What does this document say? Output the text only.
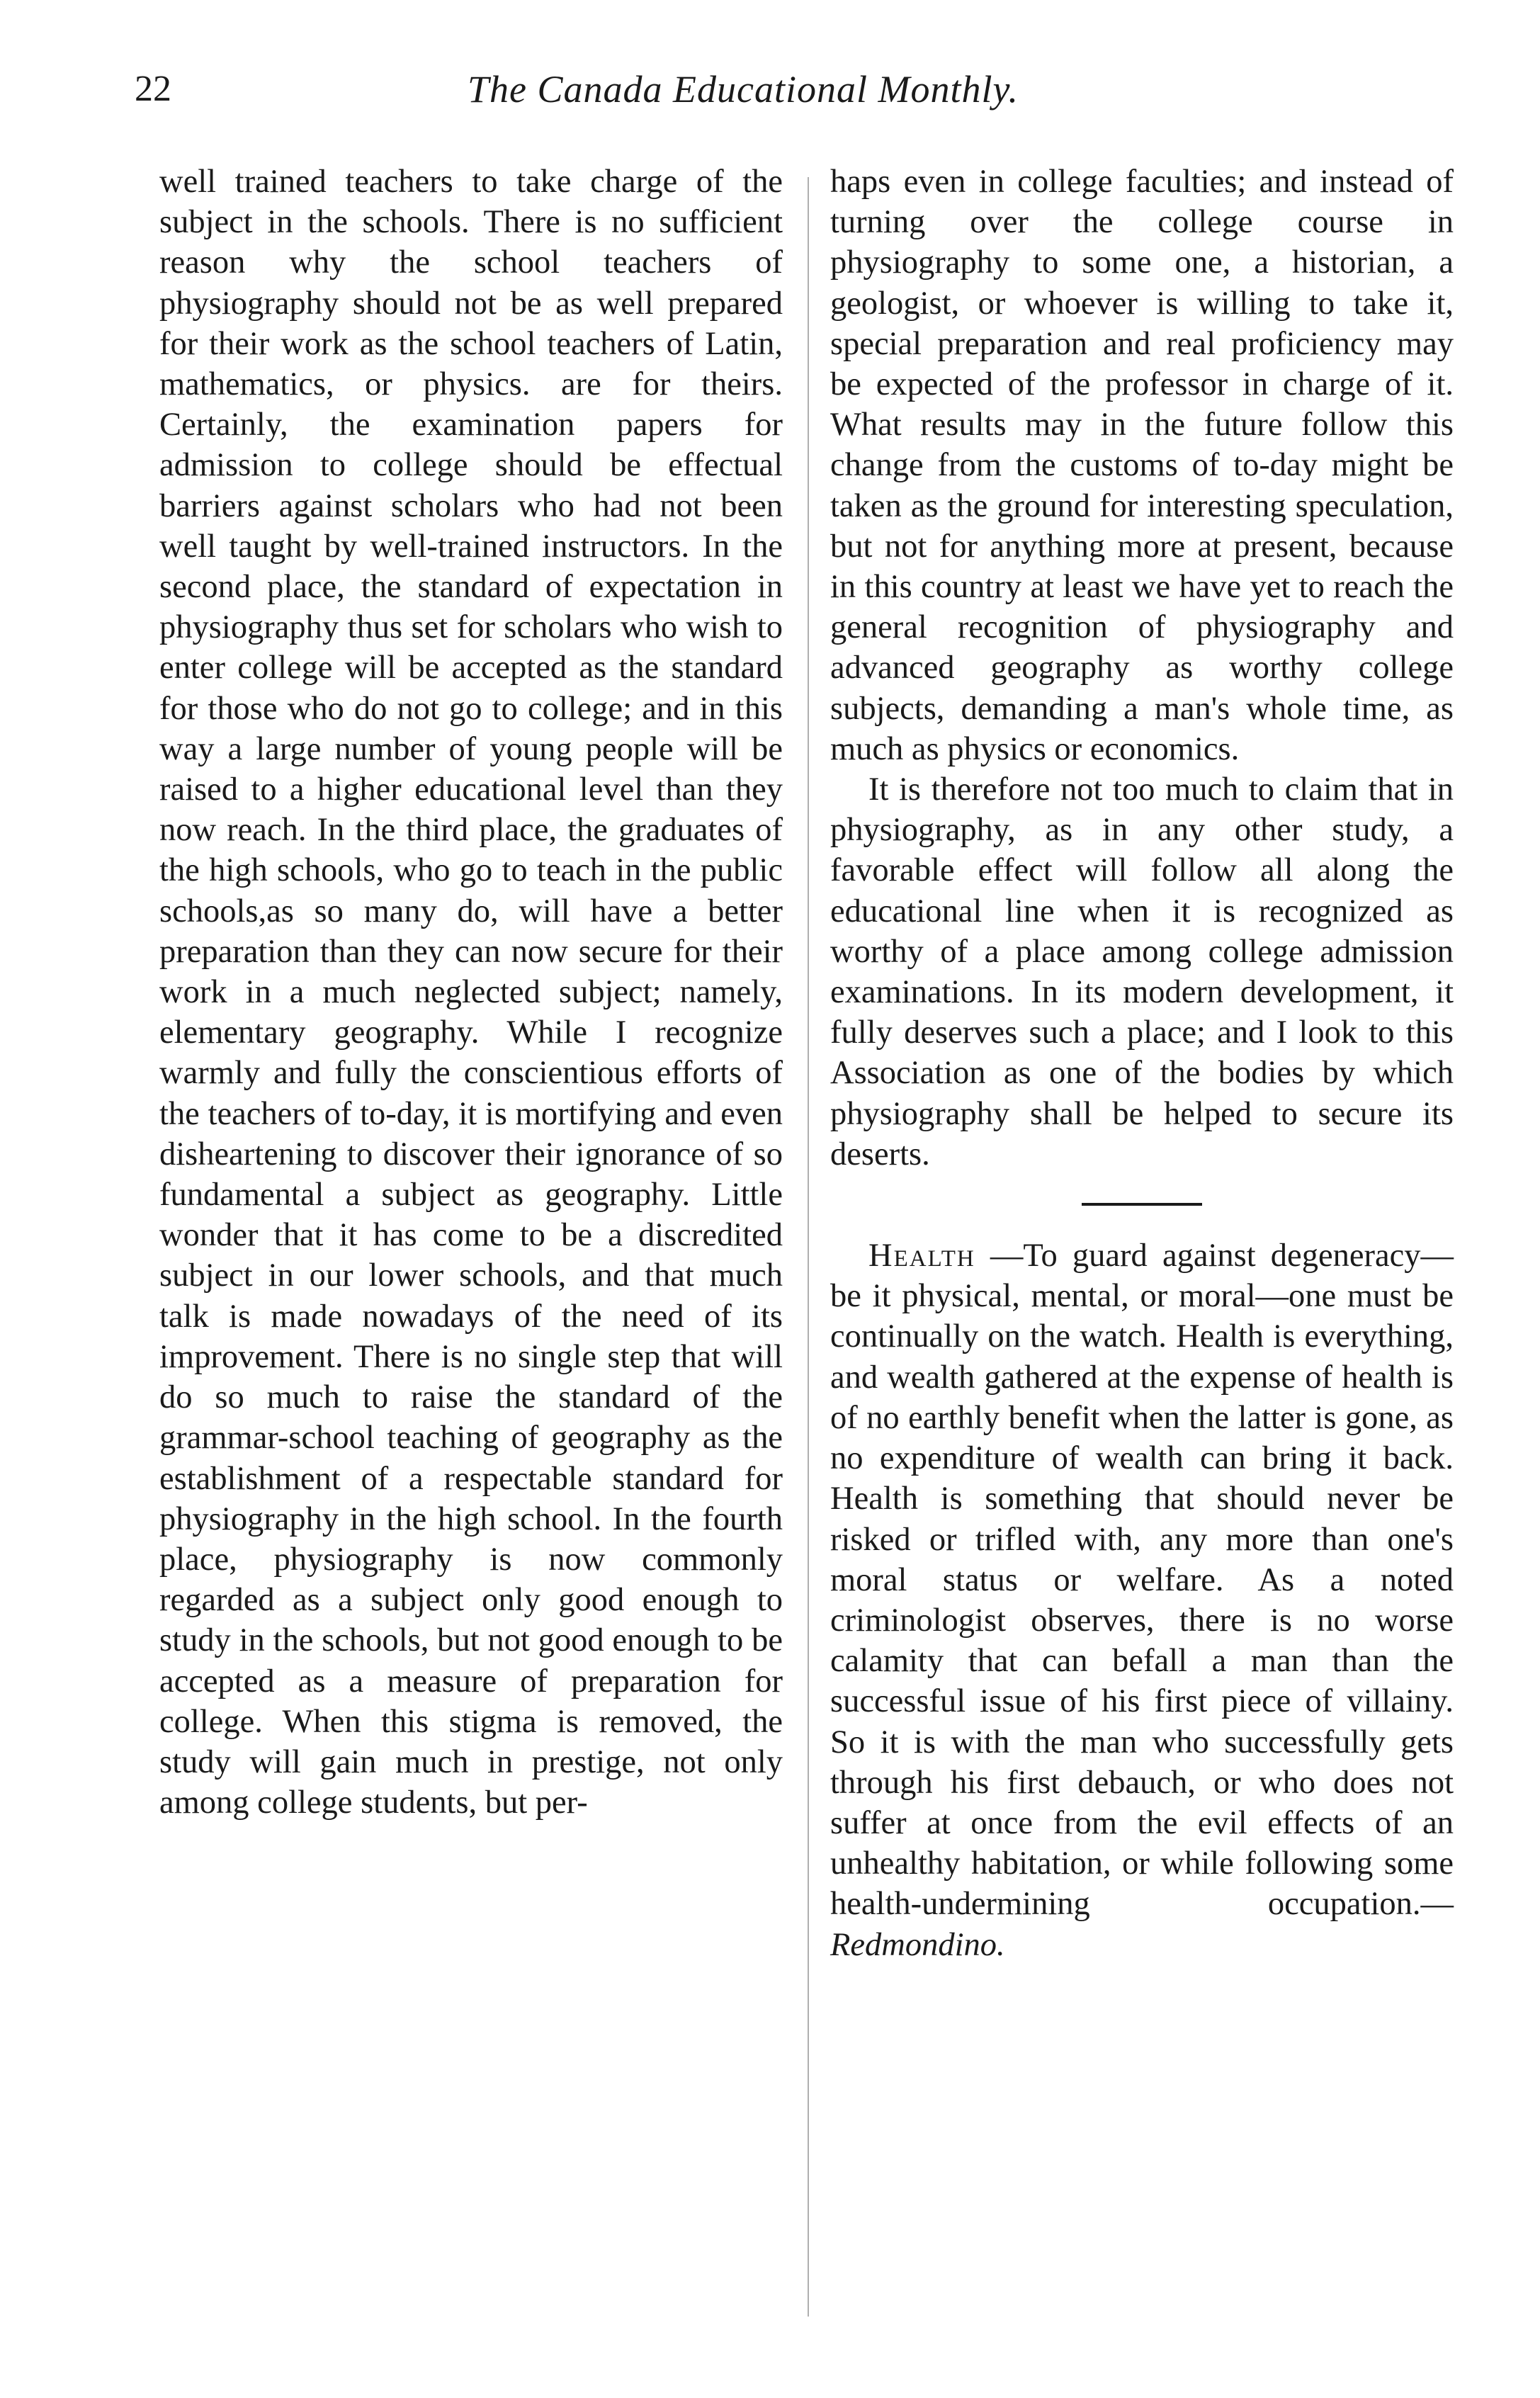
22	The Canada Educational Monthly.

well trained teachers to take charge of the subject in the schools. There is no sufficient reason why the school teachers of physiography should not be as well prepared for their work as the school teachers of Latin, mathematics, or physics. are for theirs. Certainly, the examination papers for admission to college should be effectual barriers against scholars who had not been well taught by well-trained instructors. In the second place, the standard of expectation in physiography thus set for scholars who wish to enter college will be accepted as the standard for those who do not go to college; and in this way a large number of young people will be raised to a higher educational level than they now reach. In the third place, the graduates of the high schools, who go to teach in the public schools,as so many do, will have a better preparation than they can now secure for their work in a much neglected subject; namely, elementary geography. While I recognize warmly and fully the conscientious efforts of the teachers of to-day, it is mortifying and even disheartening to discover their ignorance of so fundamental a subject as geography. Little wonder that it has come to be a discredited subject in our lower schools, and that much talk is made nowadays of the need of its improvement. There is no single step that will do so much to raise the standard of the grammar-school teaching of geography as the establishment of a respectable standard for physiography in the high school. In the fourth place, physiography is now commonly regarded as a subject only good enough to study in the schools, but not good enough to be accepted as a measure of preparation for college. When this stigma is removed, the study will gain much in prestige, not only among college students, but per-

haps even in college faculties; and instead of turning over the college course in physiography to some one, a historian, a geologist, or whoever is willing to take it, special preparation and real proficiency may be expected of the professor in charge of it. What results may in the future follow this change from the customs of to-day might be taken as the ground for interesting speculation, but not for anything more at present, because in this country at least we have yet to reach the general recognition of physiography and advanced geography as worthy college subjects, demanding a man's whole time, as much as physics or economics.

It is therefore not too much to claim that in physiography, as in any other study, a favorable effect will follow all along the educational line when it is recognized as worthy of a place among college admission examinations. In its modern development, it fully deserves such a place; and I look to this Association as one of the bodies by which physiography shall be helped to secure its deserts.

Health —To guard against degeneracy—be it physical, mental, or moral—one must be continually on the watch. Health is everything, and wealth gathered at the expense of health is of no earthly benefit when the latter is gone, as no expenditure of wealth can bring it back. Health is something that should never be risked or trifled with, any more than one's moral status or welfare. As a noted criminologist observes, there is no worse calamity that can befall a man than the successful issue of his first piece of villainy. So it is with the man who successfully gets through his first debauch, or who does not suffer at once from the evil effects of an unhealthy habitation, or while following some health-undermining occupation.—Redmondino.
